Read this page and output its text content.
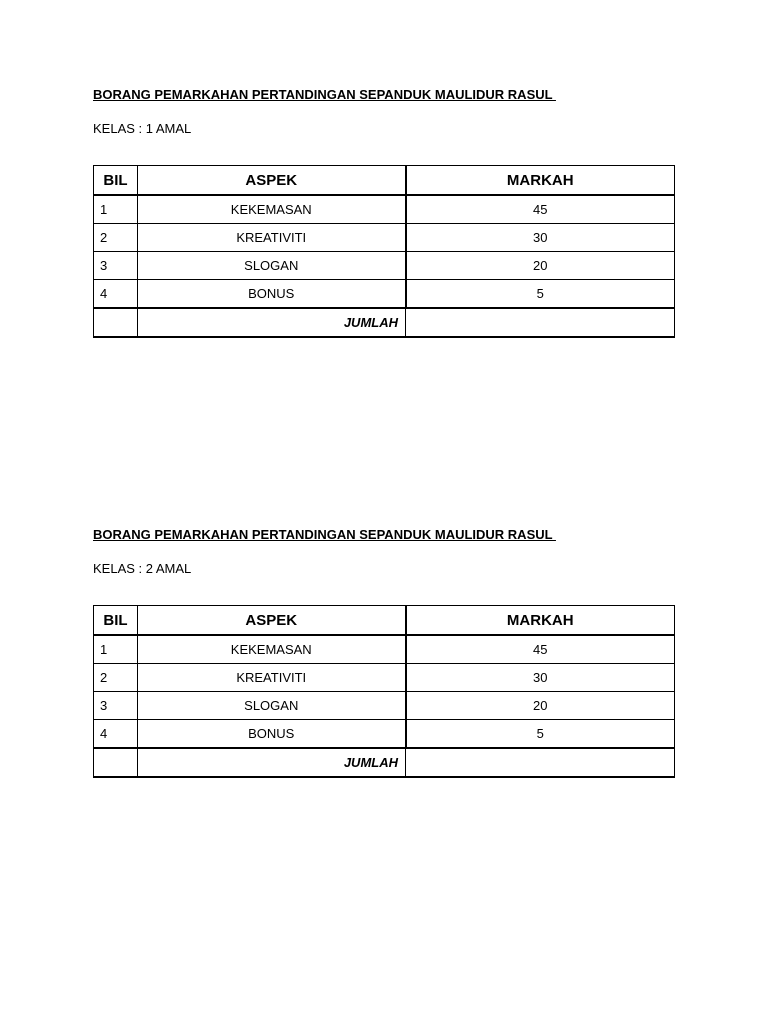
BORANG PEMARKAHAN PERTANDINGAN SEPANDUK MAULIDUR RASUL

KELAS : 1 AMAL

BIL	ASPEK	MARKAH
1	KEKEMASAN	45
2	KREATIVITI	30
3	SLOGAN	20
4	BONUS	5
	JUMLAH	

BORANG PEMARKAHAN PERTANDINGAN SEPANDUK MAULIDUR RASUL

KELAS : 2 AMAL

BIL	ASPEK	MARKAH
1	KEKEMASAN	45
2	KREATIVITI	30
3	SLOGAN	20
4	BONUS	5
	JUMLAH	
